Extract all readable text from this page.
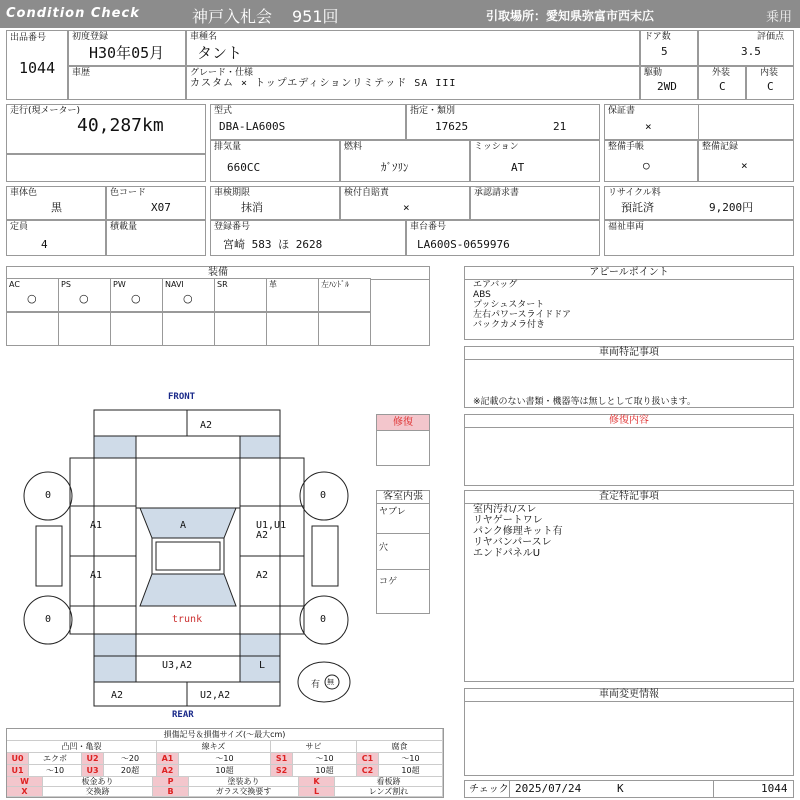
Condition Check	神戸入札会 951回	引取場所：愛知県弥富市西末広	乗用
出品番号
1044
初度登録
H30年05月
車種名
タント
ドア数
5
評価点
3.5
車歴	グレード・仕様
カスタム × トップエディションリミテッド SA III
駆動
2WD
外装
C
内装
C
走行(現メーター)
40,287km
型式
DBA-LA600S
指定・類別
17625	21
保証書
×
排気量
660CC
燃料
ｶﾞｿﾘﾝ
ミッション
AT
整備手帳
○
整備記録
×
車体色
黒
色コード
X07
車検期限
抹消
検付自賠責
×
承認請求書	リサイクル料
預託済	9,200円
定員
4
積載量	登録番号
宮崎 583 ほ 2628
車台番号
LA600S-0659976
福祉車両
装備
AC
○
PS
○
PW
○
NAVI
○
SR	革	左ﾊﾝﾄﾞﾙ
アピールポイント
エアバッグ
ABS
プッシュスタート
左右パワースライドドア
バックカメラ付き
車両特記事項
※記載のない書類・機器等は無しとして取り扱います。
修復内容
査定特記事項
室内汚れ/スレ
リヤゲートワレ
パンク修理キット有
リヤバンパースレ
エンドパネルU
車両変更情報
チェック 2025/07/24	K	1044
修復
客室内張
ヤブレ
穴
コゲ
FRONT
REAR
trunk
0	0
0	0
A2
A1
A1
A	U1,U1
A2
A2
U3,A2	L
A2	U2,A2
有 無
損傷記号＆損傷サイズ(～最大cm)
凸凹・亀裂	線キズ	サビ	腐食
U0	エクボ	U2	～20	A1	～10	S1	～10	C1	～10
U1	～10	U3	20超	A2	10超	S2	10超	C2	10超
W	板金あり	P	塗装あり	K	看板跡
X	交換跡	B	ガラス交換要す	L	レンズ割れ
